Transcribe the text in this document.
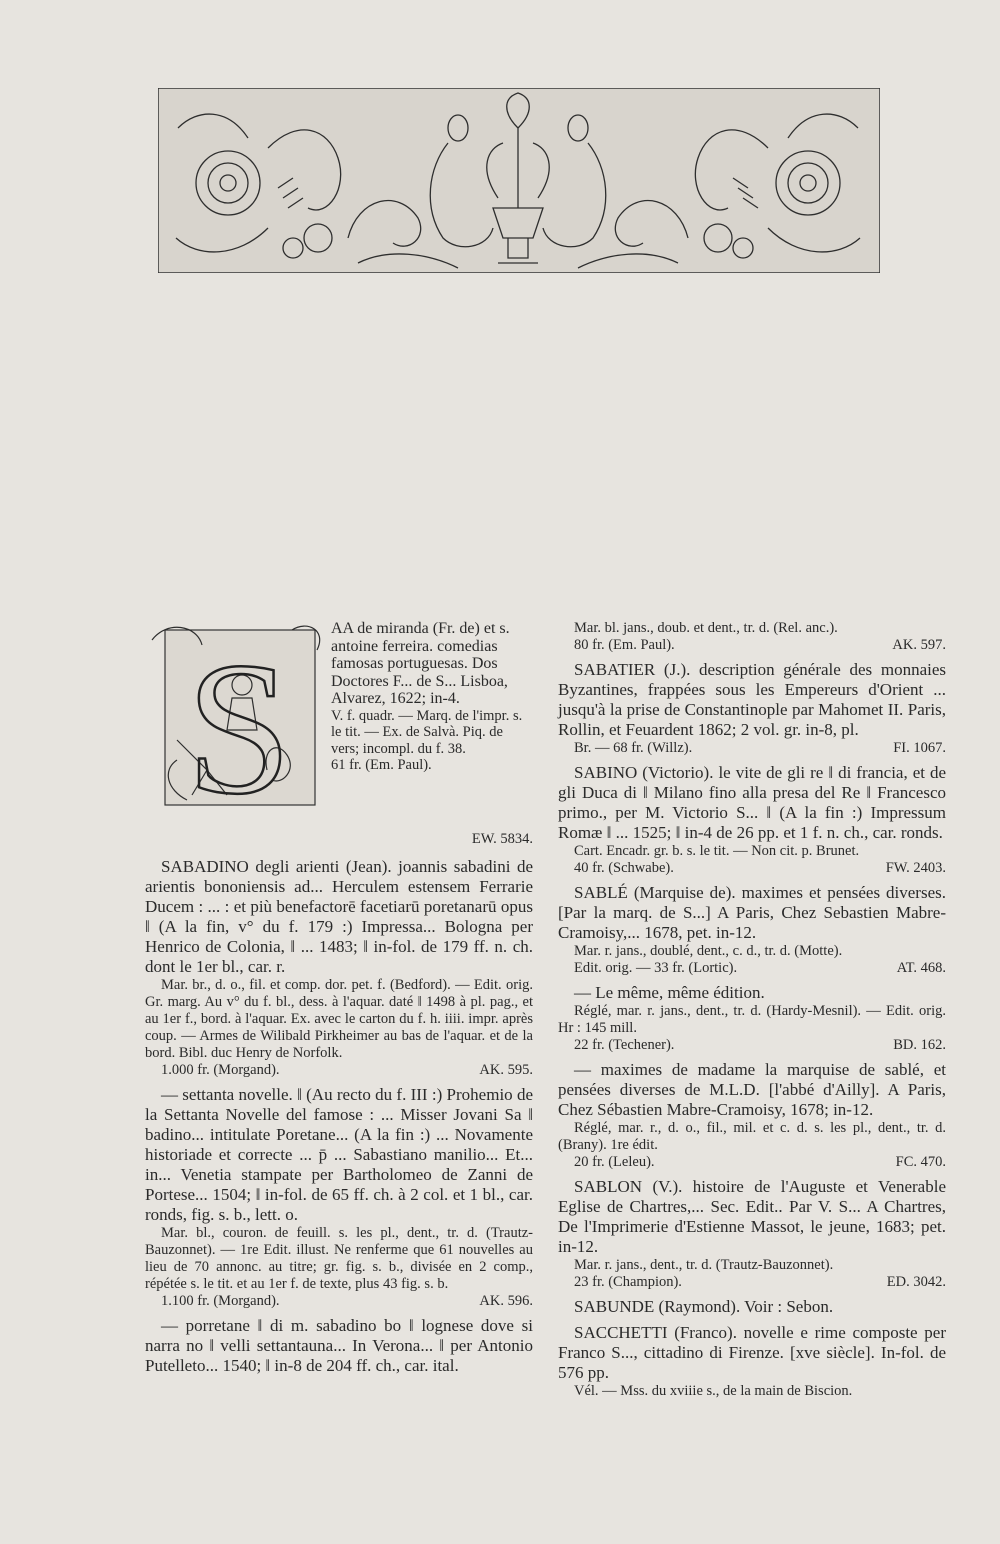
S AA de miranda (Fr. de) et s. antoine ferreira. comedias famosas portuguesas. Dos Doctores F... de S... Lisboa, Alvarez, 1622; in-4.

V. f. quadr. — Marq. de l'impr. s. le tit. — Ex. de Salvà. Piq. de vers; incompl. du f. 38.

61 fr. (Em. Paul).

EW. 5834.

SABADINO degli arienti (Jean). joannis sabadini de arientis bononiensis ad... Herculem estensem Ferrarie Ducem : ... : et più benefactorē facetiarū poretanarū opus ‖ (A la fin, v° du f. 179 :) Impressa... Bologna per Henrico de Colonia, ‖ ... 1483; ‖ in-fol. de 179 ff. n. ch. dont le 1er bl., car. r.

Mar. br., d. o., fil. et comp. dor. pet. f. (Bedford). — Edit. orig. Gr. marg. Au v° du f. bl., dess. à l'aquar. daté ‖ 1498 à pl. pag., et au 1er f., bord. à l'aquar. Ex. avec le carton du f. h. iiii. impr. après coup. — Armes de Wilibald Pirkheimer au bas de l'aquar. et de la bord. Bibl. duc Henry de Norfolk.

1.000 fr. (Morgand).	AK. 595.

— settanta novelle. ‖ (Au recto du f. III :) Prohemio de la Settanta Novelle del famose : ... Misser Jovani Sa ‖ badino... intitulate Poretane... (A la fin :) ... Novamente historiade et correcte ... p̄ ... Sabastiano manilio... Et... in... Venetia stampate per Bartholomeo de Zanni de Portese... 1504; ‖ in-fol. de 65 ff. ch. à 2 col. et 1 bl., car. ronds, fig. s. b., lett. o.

Mar. bl., couron. de feuill. s. les pl., dent., tr. d. (Trautz-Bauzonnet). — 1re Edit. illust. Ne renferme que 61 nouvelles au lieu de 70 annonc. au titre; gr. fig. s. b., divisée en 2 comp., répétée s. le tit. et au 1er f. de texte, plus 43 fig. s. b.

1.100 fr. (Morgand).	AK. 596.

— porretane ‖ di m. sabadino bo ‖ lognese dove si narra no ‖ velli settantauna... In Verona... ‖ per Antonio Putelleto... 1540; ‖ in-8 de 204 ff. ch., car. ital.

Mar. bl. jans., doub. et dent., tr. d. (Rel. anc.).

80 fr. (Em. Paul).	AK. 597.

SABATIER (J.). description générale des monnaies Byzantines, frappées sous les Empereurs d'Orient ... jusqu'à la prise de Constantinople par Mahomet II. Paris, Rollin, et Feuardent 1862; 2 vol. gr. in-8, pl.

Br. — 68 fr. (Willz).	FI. 1067.

SABINO (Victorio). le vite de gli re ‖ di francia, et de gli Duca di ‖ Milano fino alla presa del Re ‖ Francesco primo., per M. Victorio S... ‖ (A la fin :) Impressum Romæ ‖ ... 1525; ‖ in-4 de 26 pp. et 1 f. n. ch., car. ronds.

Cart. Encadr. gr. b. s. le tit. — Non cit. p. Brunet.

40 fr. (Schwabe).	FW. 2403.

SABLÉ (Marquise de). maximes et pensées diverses. [Par la marq. de S...] A Paris, Chez Sebastien Mabre-Cramoisy,... 1678, pet. in-12.

Mar. r. jans., doublé, dent., c. d., tr. d. (Motte).

Edit. orig. — 33 fr. (Lortic).	AT. 468.

— Le même, même édition.

Réglé, mar. r. jans., dent., tr. d. (Hardy-Mesnil). — Edit. orig. Hr : 145 mill.

22 fr. (Techener).	BD. 162.

— maximes de madame la marquise de sablé, et pensées diverses de M.L.D. [l'abbé d'Ailly]. A Paris, Chez Sébastien Mabre-Cramoisy, 1678; in-12.

Réglé, mar. r., d. o., fil., mil. et c. d. s. les pl., dent., tr. d. (Brany). 1re édit.

20 fr. (Leleu).	FC. 470.

SABLON (V.). histoire de l'Auguste et Venerable Eglise de Chartres,... Sec. Edit.. Par V. S... A Chartres, De l'Imprimerie d'Estienne Massot, le jeune, 1683; pet. in-12.

Mar. r. jans., dent., tr. d. (Trautz-Bauzonnet).

23 fr. (Champion).	ED. 3042.

SABUNDE (Raymond). Voir : Sebon.

SACCHETTI (Franco). novelle e rime composte per Franco S..., cittadino di Firenze. [xve siècle]. In-fol. de 576 pp.

Vél. — Mss. du xviiie s., de la main de Biscion.
